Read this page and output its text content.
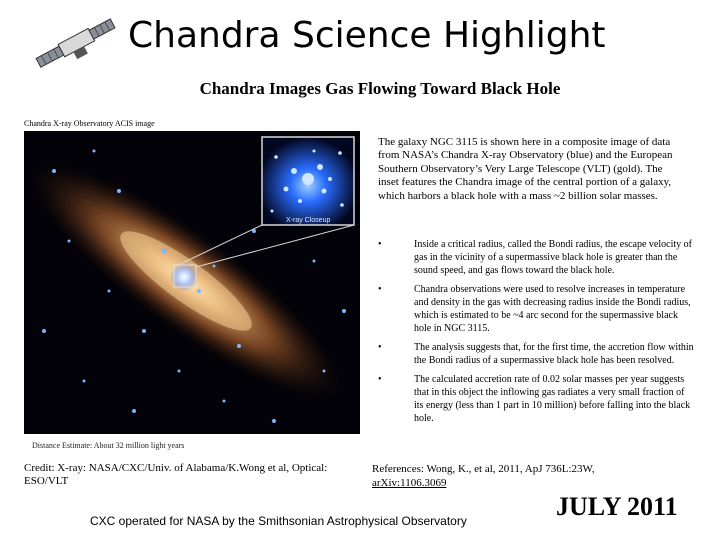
Chandra Science Highlight
Chandra Images Gas Flowing Toward Black Hole
Chandra X-ray Observatory ACIS image
X-ray Closeup
Distance Estimate: About 32 million light years
The galaxy NGC 3115 is shown here in a composite image of data from NASA’s Chandra X-ray Observatory (blue) and the European Southern Observatory’s Very Large Telescope (VLT) (gold). The inset features the Chandra image of the central portion of a galaxy, which harbors a black hole with a mass ~2 billion solar masses.
•	Inside a critical radius, called the Bondi radius, the escape velocity of gas in the vicinity of a supermassive black hole is greater than the sound speed, and gas flows toward the black hole.
•	Chandra observations were used to resolve increases in temperature and density in the gas with decreasing radius inside the Bondi radius, which is estimated to be ~4 arc second for the supermassive black hole in NGC 3115.
•	The analysis suggests that, for the first time, the accretion flow within the Bondi radius of a supermassive black hole has been resolved.
•	The calculated accretion rate of 0.02 solar masses per year suggests that in this object the inflowing gas radiates a very small fraction of its energy (less than 1 part in 10 million) before falling into the black hole.
Credit: X-ray: NASA/CXC/Univ. of Alabama/K.Wong et al, Optical: ESO/VLT
References: Wong, K., et al, 2011, ApJ 736L:23W,
arXiv:1106.3069
CXC operated for NASA by the Smithsonian Astrophysical Observatory	JULY 2011
